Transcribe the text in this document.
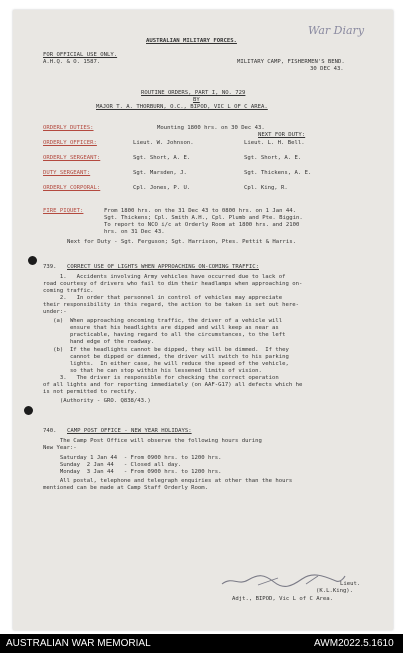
War Diary
AUSTRALIAN MILITARY FORCES.
FOR OFFICIAL USE ONLY.
A.H.Q. & O. 1587.	MILITARY CAMP, FISHERMEN'S BEND.
30 DEC 43.
ROUTINE ORDERS, PART I, NO. 729
BY
MAJOR T. A. THORBURN, O.C., BIPOD, VIC L OF C AREA.
ORDERLY DUTIES:	Mounting 1800 hrs. on 30 Dec 43.
NEXT FOR DUTY:
ORDERLY OFFICER:	Lieut. W. Johnson.	Lieut. L. H. Bell.
ORDERLY SERGEANT:	Sgt. Short, A. E.	Sgt. Short, A. E.
DUTY SERGEANT:	Sgt. Marsden, J.	Sgt. Thickens, A. E.
ORDERLY CORPORAL:	Cpl. Jones, P. U.	Cpl. King, R.
FIRE PIQUET:	From 1800 hrs. on the 31 Dec 43 to 0800 hrs. on 1 Jan 44.
Sgt. Thickens; Cpl. Smith A.H., Cpl. Plumb and Pte. Biggin.
To report to NCO i/c at Orderly Room at 1800 hrs. and 2100
hrs. on 31 Dec 43.
Next for Duty - Sgt. Ferguson; Sgt. Harrison, Ptes. Pettit & Harris.
739. CORRECT USE OF LIGHTS WHEN APPROACHING ON-COMING TRAFFIC:
1.   Accidents involving Army vehicles have occurred due to lack of
road courtesy of drivers who fail to dim their headlamps when approaching on-
coming traffic.
2.   In order that personnel in control of vehicles may appreciate
their responsibility in this regard, the action to be taken is set out here-
under:-
(a)  When approaching oncoming traffic, the driver of a vehicle will
ensure that his headlights are dipped and will keep as near as
practicable, having regard to all the circumstances, to the left
hand edge of the roadway.
(b)  If the headlights cannot be dipped, they will be dimmed.  If they
cannot be dipped or dimmed, the driver will switch to his parking
lights.  In either case, he will reduce the speed of the vehicle,
so that he can stop within his lessened limits of vision.
3.   The driver is responsible for checking the correct operation
of all lights and for reporting immediately (on AAF-G17) all defects which he
is not permitted to rectify.
(Authority - GRO. Q838/43.)
740. CAMP POST OFFICE - NEW YEAR HOLIDAYS:
The Camp Post Office will observe the following hours during
New Year:-
Saturday 1 Jan 44  - From 0900 hrs. to 1200 hrs.
Sunday  2 Jan 44   - Closed all day.
Monday  3 Jan 44   - From 0900 hrs. to 1200 hrs.
All postal, telephone and telegraph enquiries at other than the hours
mentioned can be made at Camp Staff Orderly Room.
Lieut.
(K.L.King).
Adjt., BIPOD, Vic L of C Area.
AUSTRALIAN WAR MEMORIAL	AWM2022.5.1610
